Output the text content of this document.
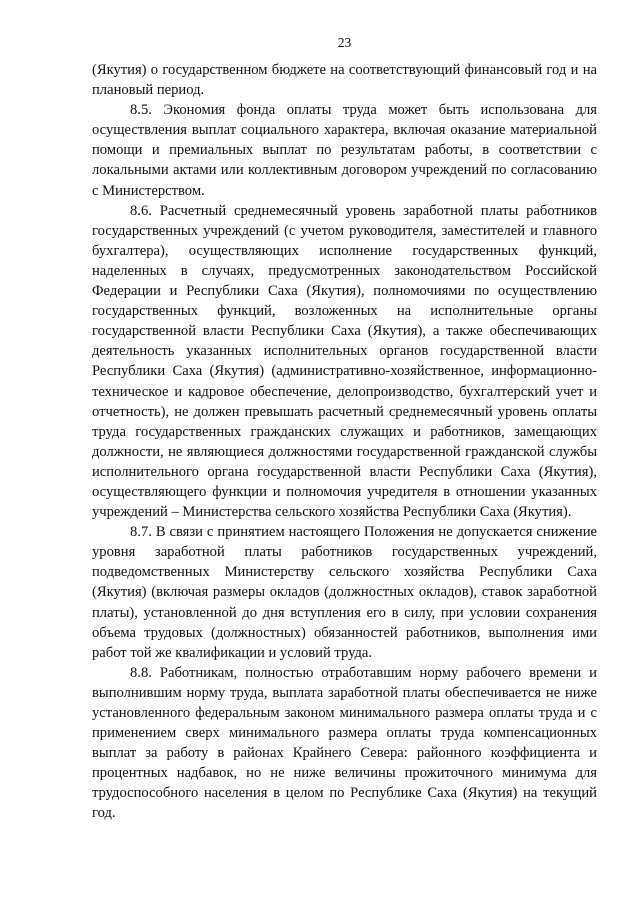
23

(Якутия) о государственном бюджете на соответствующий финансовый год и на плановый период.

8.5. Экономия фонда оплаты труда может быть использована для осуществления выплат социального характера, включая оказание материальной помощи и премиальных выплат по результатам работы, в соответствии с локальными актами или коллективным договором учреждений по согласованию с Министерством.

8.6. Расчетный среднемесячный уровень заработной платы работников государственных учреждений (с учетом руководителя, заместителей и главного бухгалтера), осуществляющих исполнение государственных функций, наделенных в случаях, предусмотренных законодательством Российской Федерации и Республики Саха (Якутия), полномочиями по осуществлению государственных функций, возложенных на исполнительные органы государственной власти Республики Саха (Якутия), а также обеспечивающих деятельность указанных исполнительных органов государственной власти Республики Саха (Якутия) (административно-хозяйственное, информационно-техническое и кадровое обеспечение, делопроизводство, бухгалтерский учет и отчетность), не должен превышать расчетный среднемесячный уровень оплаты труда государственных гражданских служащих и работников, замещающих должности, не являющиеся должностями государственной гражданской службы исполнительного органа государственной власти Республики Саха (Якутия), осуществляющего функции и полномочия учредителя в отношении указанных учреждений – Министерства сельского хозяйства Республики Саха (Якутия).

8.7. В связи с принятием настоящего Положения не допускается снижение уровня заработной платы работников государственных учреждений, подведомственных Министерству сельского хозяйства Республики Саха (Якутия) (включая размеры окладов (должностных окладов), ставок заработной платы), установленной до дня вступления его в силу, при условии сохранения объема трудовых (должностных) обязанностей работников, выполнения ими работ той же квалификации и условий труда.

8.8. Работникам, полностью отработавшим норму рабочего времени и выполнившим норму труда, выплата заработной платы обеспечивается не ниже установленного федеральным законом минимального размера оплаты труда и с применением сверх минимального размера оплаты труда компенсационных выплат за работу в районах Крайнего Севера: районного коэффициента и процентных надбавок, но не ниже величины прожиточного минимума для трудоспособного населения в целом по Республике Саха (Якутия) на текущий год.
